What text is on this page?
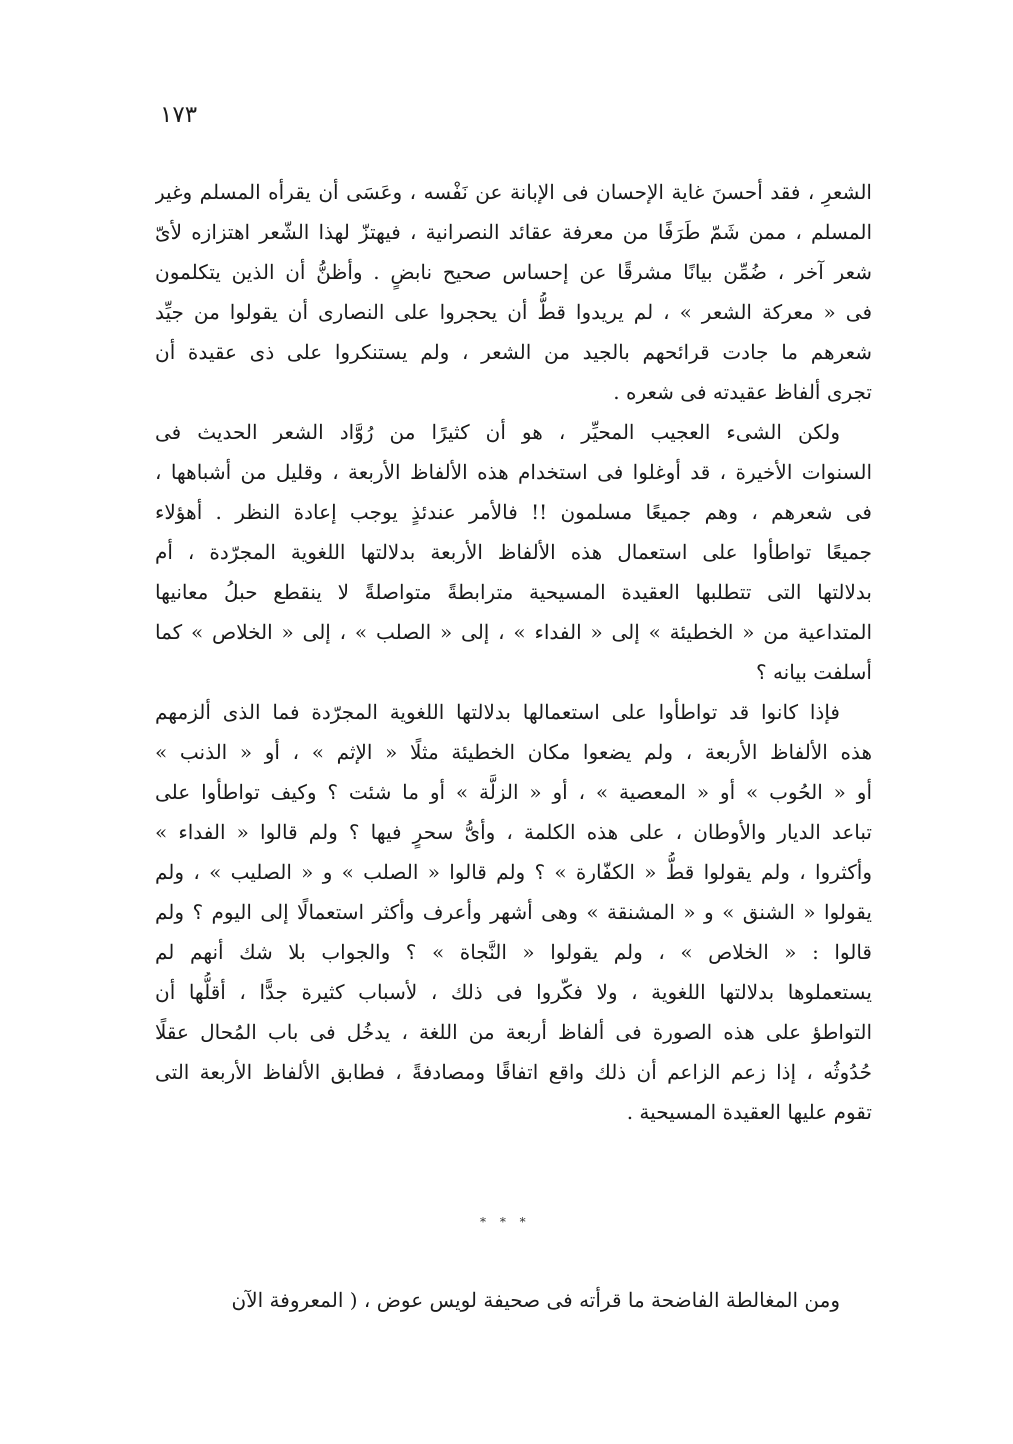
١٧٣
الشعرِ ، فقد أحسنَ غاية الإحسان فى الإبانة عن نَفْسه ، وعَسَى أن يقرأه المسلم وغير
المسلم ، ممن شَمّ طَرَفًا من معرفة عقائد النصرانية ، فيهتزّ لهذا الشّعر اهتزازه لأىّ
شعر آخر ، ضُمِّن بيانًا مشرقًا عن إحساس صحيح نابضٍ . وأظنُّ أن الذين يتكلمون
فى « معركة الشعر » ، لم يريدوا قطُّ أن يحجروا على النصارى أن يقولوا من جيِّد
شعرهم ما جادت قرائحهم بالجيد من الشعر ، ولم يستنكروا على ذى عقيدة أن
تجرى ألفاظ عقيدته فى شعره .
ولكن الشىء العجيب المحيِّر ، هو أن كثيرًا من رُوَّاد الشعر الحديث فى
السنوات الأخيرة ، قد أوغلوا فى استخدام هذه الألفاظ الأربعة ، وقليل من أشباهها ،
فى شعرهم ، وهم جميعًا مسلمون !! فالأمر عندئذٍ يوجب إعادة النظر . أهؤلاء
جميعًا تواطأوا على استعمال هذه الألفاظ الأربعة بدلالتها اللغوية المجرّدة ، أم
بدلالتها التى تتطلبها العقيدة المسيحية مترابطةً متواصلةً لا ينقطع حبلُ معانيها
المتداعية من « الخطيئة » إلى « الفداء » ، إلى « الصلب » ، إلى « الخلاص » كما
أسلفت بيانه ؟
فإذا كانوا قد تواطأوا على استعمالها بدلالتها اللغوية المجرّدة فما الذى ألزمهم
هذه الألفاظ الأربعة ، ولم يضعوا مكان الخطيئة مثلًا « الإثم » ، أو « الذنب »
أو « الحُوب » أو « المعصية » ، أو « الزلَّة » أو ما شئت ؟ وكيف تواطأوا على
تباعد الديار والأوطان ، على هذه الكلمة ، وأىُّ سحرٍ فيها ؟ ولم قالوا « الفداء »
وأكثروا ، ولم يقولوا قطُّ « الكفّارة » ؟ ولم قالوا « الصلب » و « الصليب » ، ولم
يقولوا « الشنق » و « المشنقة » وهى أشهر وأعرف وأكثر استعمالًا إلى اليوم ؟ ولم
قالوا : « الخلاص » ، ولم يقولوا « النَّجاة » ؟ والجواب بلا شك أنهم لم
يستعملوها بدلالتها اللغوية ، ولا فكّروا فى ذلك ، لأسباب كثيرة جدًّا ، أقلُّها أن
التواطؤ على هذه الصورة فى ألفاظ أربعة من اللغة ، يدخُل فى باب المُحال عقلًا
حُدُوثُه ، إذا زعم الزاعم أن ذلك واقع اتفاقًا ومصادفةً ، فطابق الألفاظ الأربعة التى
تقوم عليها العقيدة المسيحية .
* * *
ومن المغالطة الفاضحة ما قرأته فى صحيفة لويس عوض ، ( المعروفة الآن
